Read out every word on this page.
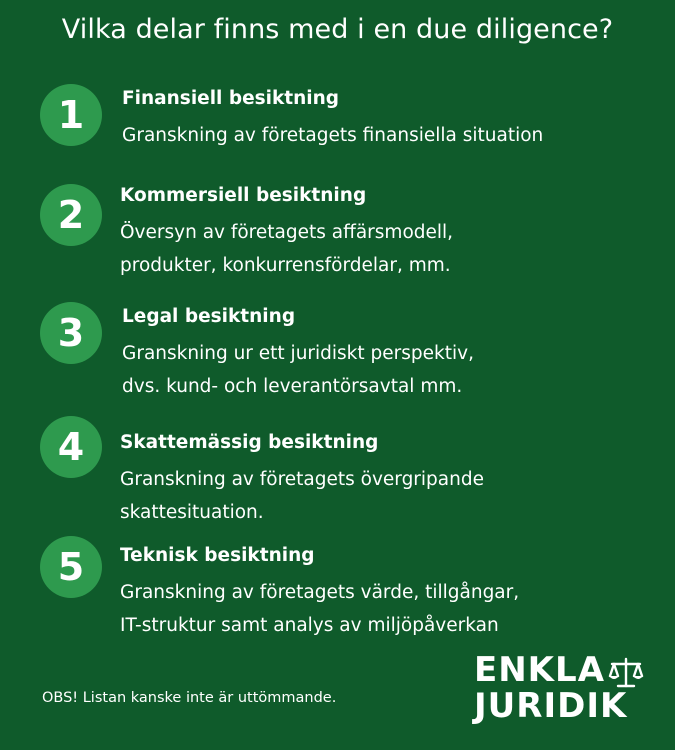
Vilka delar finns med i en due diligence?
1	Finansiell besiktning
Granskning av företagets finansiella situation
2	Kommersiell besiktning
Översyn av företagets affärsmodell,
produkter, konkurrensfördelar, mm.
3	Legal besiktning
Granskning ur ett juridiskt perspektiv,
dvs. kund- och leverantörsavtal mm.
4	Skattemässig besiktning
Granskning av företagets övergripande
skattesituation.
5	Teknisk besiktning
Granskning av företagets värde, tillgångar,
IT-struktur samt analys av miljöpåverkan
OBS! Listan kanske inte är uttömmande.
ENKLA
JURIDIK
